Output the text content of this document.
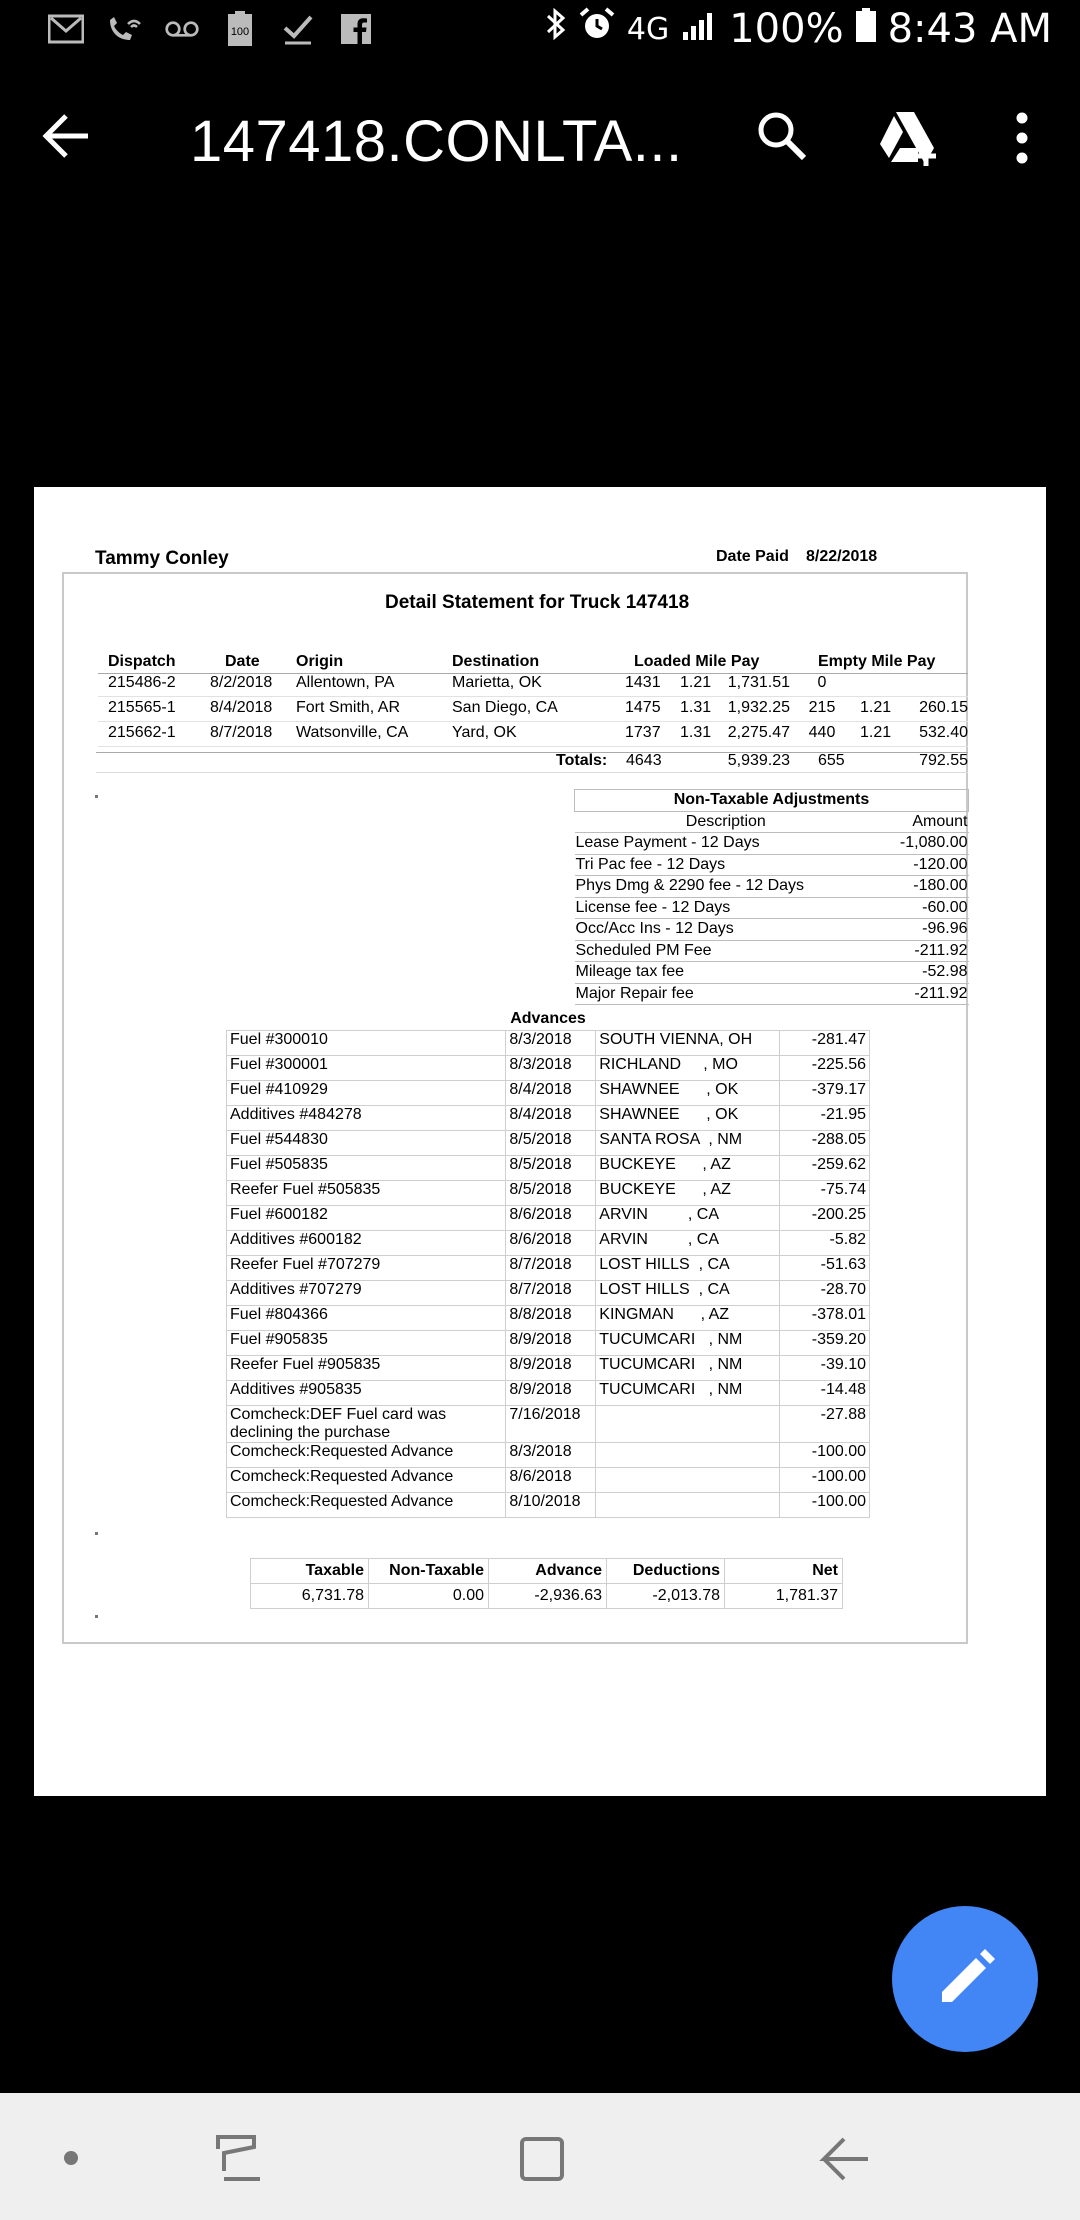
100	4G 100% 8:43 AM
147418.CONLTA...
Tammy Conley	Date Paid 8/22/2018
Detail Statement for Truck 147418
Dispatch	Date Origin	Destination	Loaded Mile Pay	Empty Mile Pay
215486-2 8/2/2018 Allentown, PA	Marietta, OK	1431 1.21	1,731.51	0
215565-1 8/4/2018 Fort Smith, AR	San Diego, CA	1475 1.31	1,932.25	215	1.21	260.15
215662-1 8/7/2018 Watsonville, CA	Yard, OK	1737 1.31	2,275.47	440	1.21	532.40
Totals: 4643	5,939.23 655	792.55
Non-Taxable Adjustments	
Description	Amount
Lease Payment - 12 Days	-1,080.00
Tri Pac fee - 12 Days	-120.00
Phys Dmg & 2290 fee - 12 Days	-180.00
License fee - 12 Days	-60.00
Occ/Acc Ins - 12 Days	-96.96
Scheduled PM Fee	-211.92
Mileage tax fee	-52.98
Major Repair fee	-211.92
Advances			
Fuel #300010	8/3/2018	SOUTH VIENNA, OH	-281.47
Fuel #300001	8/3/2018	RICHLAND     , MO	-225.56
Fuel #410929	8/4/2018	SHAWNEE      , OK	-379.17
Additives #484278	8/4/2018	SHAWNEE      , OK	-21.95
Fuel #544830	8/5/2018	SANTA ROSA  , NM	-288.05
Fuel #505835	8/5/2018	BUCKEYE      , AZ	-259.62
Reefer Fuel #505835	8/5/2018	BUCKEYE      , AZ	-75.74
Fuel #600182	8/6/2018	ARVIN         , CA	-200.25
Additives #600182	8/6/2018	ARVIN         , CA	-5.82
Reefer Fuel #707279	8/7/2018	LOST HILLS  , CA	-51.63
Additives #707279	8/7/2018	LOST HILLS  , CA	-28.70
Fuel #804366	8/8/2018	KINGMAN      , AZ	-378.01
Fuel #905835	8/9/2018	TUCUMCARI   , NM	-359.20
Reefer Fuel #905835	8/9/2018	TUCUMCARI   , NM	-39.10
Additives #905835	8/9/2018	TUCUMCARI   , NM	-14.48
Comcheck:DEF Fuel card was declining the purchase	7/16/2018		-27.88
Comcheck:Requested Advance	8/3/2018		-100.00
Comcheck:Requested Advance	8/6/2018		-100.00
Comcheck:Requested Advance	8/10/2018		-100.00
Taxable	Non-Taxable	Advance	Deductions	Net
6,731.78	0.00	-2,936.63	-2,013.78	1,781.37
